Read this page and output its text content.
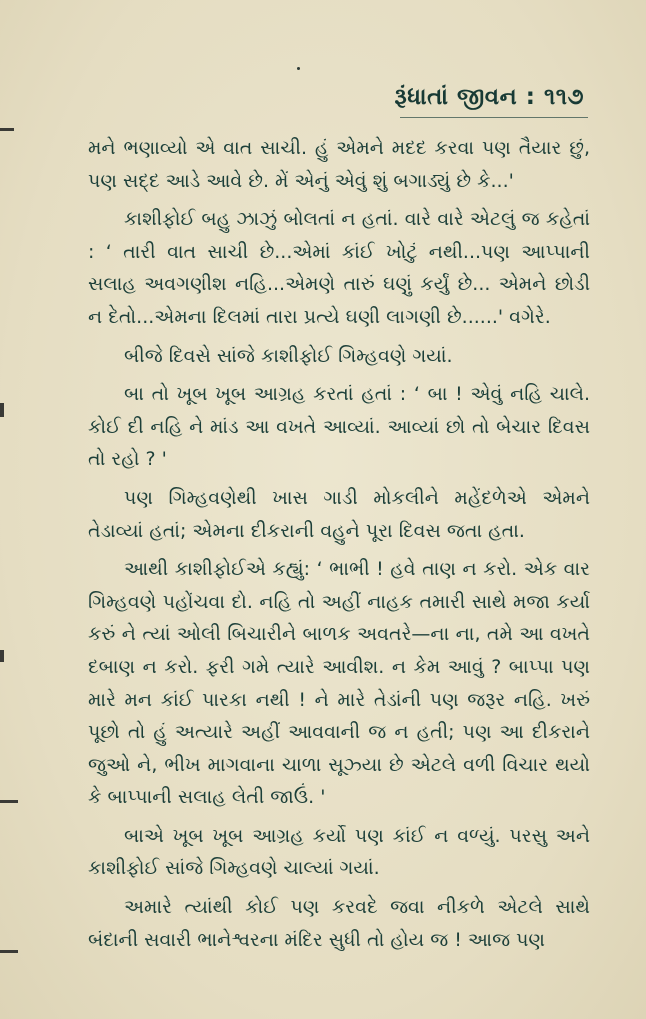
રૂંધાતાં જીવન : ૧૧૭

મને ભણાવ્યો એ વાત સાચી. હું એમને મદદ કરવા પણ તૈયાર છું, પણ સદ્દ આડે આવે છે. મેં એનું એવું શું બગાડ્યું છે કે...'

કાશીફોઈ બહુ ઝાઝું બોલતાં ન હતાં. વારે વારે એટલું જ કહેતાં : ‘ તારી વાત સાચી છે...એમાં કાંઈ ખોટું નથી...પણ આપ્પાની સલાહ અવગણીશ નહિ...એમણે તારું ઘણું કર્યું છે... એમને છોડી ન દેતો...એમના દિલમાં તારા પ્રત્યે ઘણી લાગણી છે......' વગેરે.

બીજે દિવસે સાંજે કાશીફોઈ ગિમ્હવણે ગયાં.

બા તો ખૂબ ખૂબ આગ્રહ કરતાં હતાં : ‘ બા ! એવું નહિ ચાલે. કોઈ દી નહિ ને માંડ આ વખતે આવ્યાં. આવ્યાં છો તો બેચાર દિવસ તો રહો ? '

પણ ગિમ્હવણેથી ખાસ ગાડી મોકલીને મહેંદળેએ એમને તેડાવ્યાં હતાં; એમના દીકરાની વહુને પૂરા દિવસ જતા હતા.

આથી કાશીફોઈએ કહ્યું: ‘ ભાભી ! હવે તાણ ન કરો. એક વાર ગિમ્હવણે પહોંચવા દો. નહિ તો અહીં નાહક તમારી સાથે મજા કર્યા કરું ને ત્યાં ઓલી બિચારીને બાળક અવતરે—ના ના, તમે આ વખતે દબાણ ન કરો. ફરી ગમે ત્યારે આવીશ. ન કેમ આવું ? બાપ્પા પણ મારે મન કાંઈ પારકા નથી ! ને મારે તેડાંની પણ જરૂર નહિ. ખરું પૂછો તો હું અત્યારે અહીં આવવાની જ ન હતી; પણ આ દીકરાને જુઓ ને, ભીખ માગવાના ચાળા સૂઝ્યા છે એટલે વળી વિચાર થયો કે બાપ્પાની સલાહ લેતી જાઉં. '

બાએ ખૂબ ખૂબ આગ્રહ કર્યો પણ કાંઈ ન વળ્યું. પરસુ અને કાશીફોઈ સાંજે ગિમ્હવણે ચાલ્યાં ગયાં.

અમારે ત્યાંથી કોઈ પણ કરવદે જવા નીકળે એટલે સાથે બંદાની સવારી ભાનેશ્વરના મંદિર સુધી તો હોય જ ! આજ પણ
